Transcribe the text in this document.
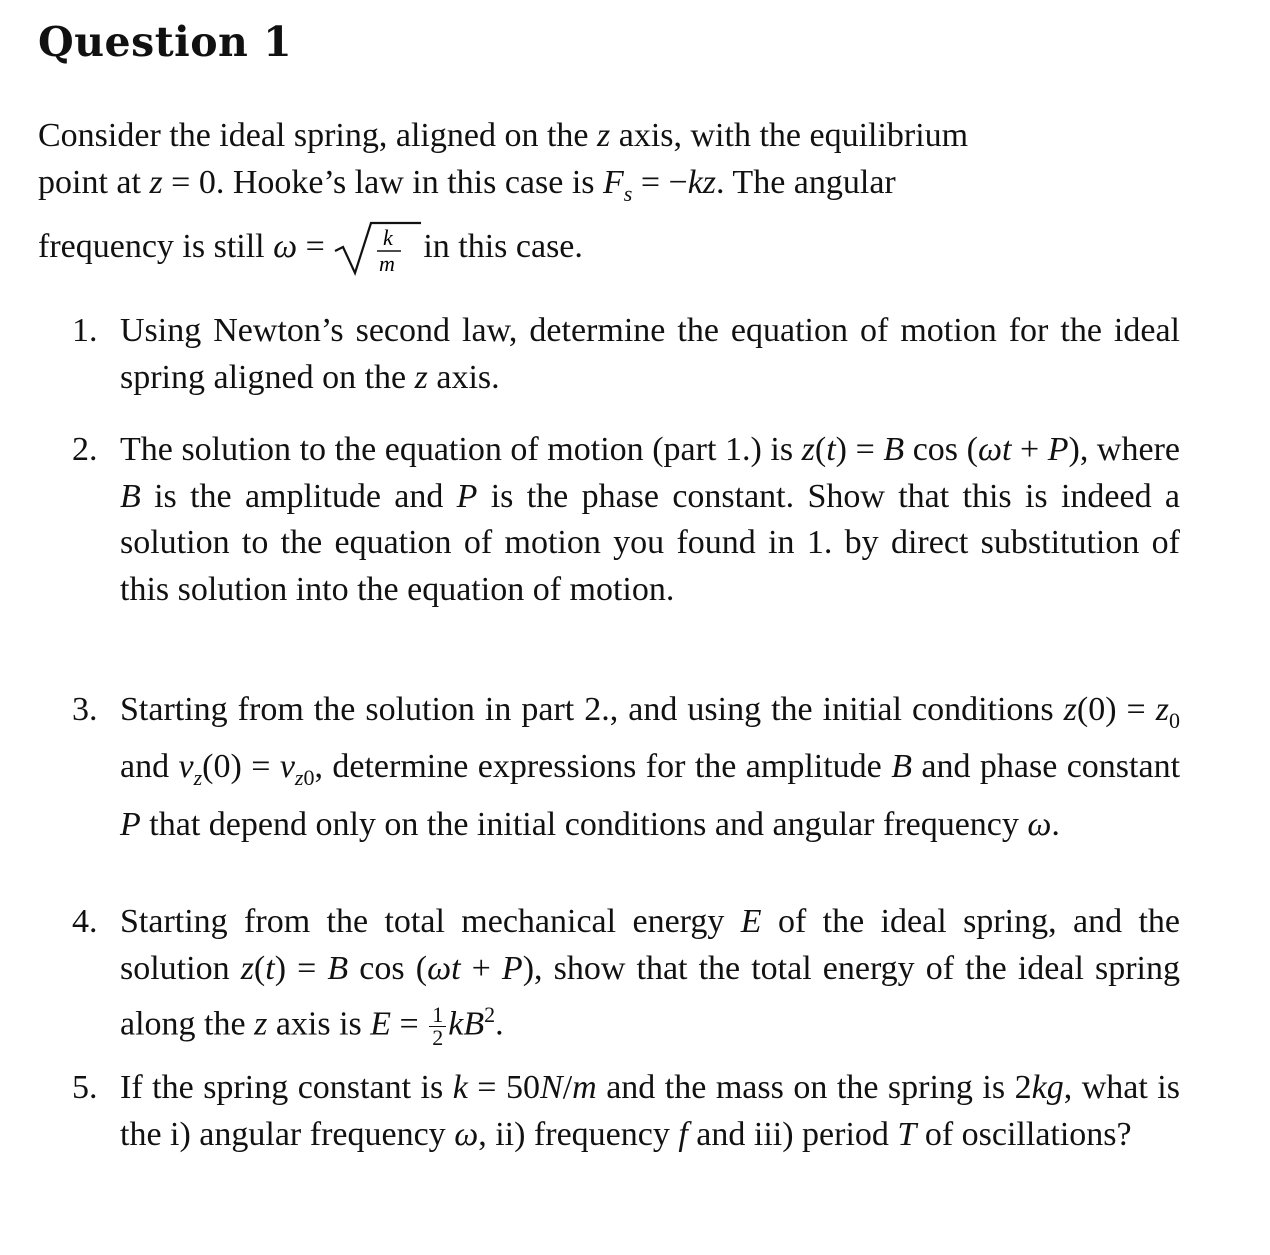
Question 1
Consider the ideal spring, aligned on the z axis, with the equilibrium
point at z = 0. Hooke’s law in this case is $F_s = -kz$. The angular
frequency is still ω = k
m in this case.
1. Using Newton’s second law, determine the equation of motion for the ideal spring aligned on the z axis.
2. The solution to the equation of motion (part 1.) is z(t) = B cos (ωt + P), where B is the amplitude and P is the phase constant. Show that this is indeed a solution to the equation of motion you found in 1. by direct substitution of this solution into the equation of motion.
3. Starting from the solution in part 2., and using the initial conditions $z(0) = z_0$ and $v_z(0) = v_{z0}$, determine expressions for the amplitude B and phase constant P that depend only on the initial conditions and angular frequency ω.
4. Starting from the total mechanical energy E of the ideal spring, and the solution z(t) = B cos (ωt + P), show that the total energy of the ideal spring along the z axis is $E = \frac{1}{2} kB^2$.
5. If the spring constant is k = 50N/m and the mass on the spring is 2kg, what is the i) angular frequency ω, ii) frequency f and iii) period T of oscillations?
